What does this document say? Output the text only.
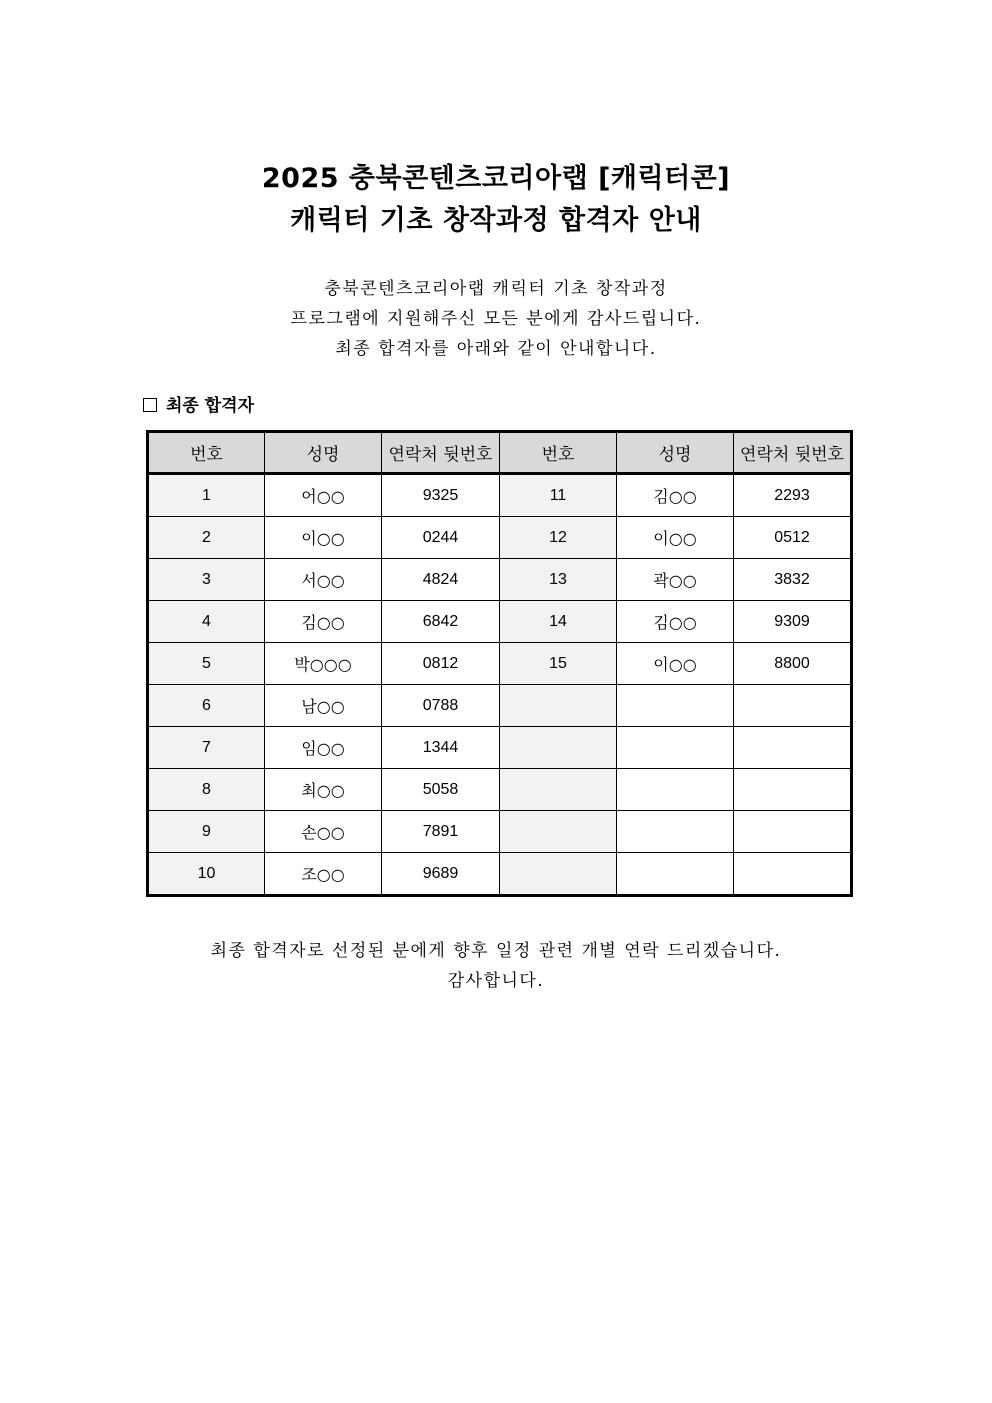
2025 충북콘텐츠코리아랩 [캐릭터콘]
캐릭터 기초 창작과정 합격자 안내
충북콘텐츠코리아랩 캐릭터 기초 창작과정
프로그램에 지원해주신 모든 분에게 감사드립니다.
최종 합격자를 아래와 같이 안내합니다.
최종 합격자
번호	성명	연락처 뒷번호	번호	성명	연락처 뒷번호
1	어○○	9325	11	김○○	2293
2	이○○	0244	12	이○○	0512
3	서○○	4824	13	곽○○	3832
4	김○○	6842	14	김○○	9309
5	박○○○	0812	15	이○○	8800
6	남○○	0788			
7	임○○	1344			
8	최○○	5058			
9	손○○	7891			
10	조○○	9689			
최종 합격자로 선정된 분에게 향후 일정 관련 개별 연락 드리겠습니다.
감사합니다.
